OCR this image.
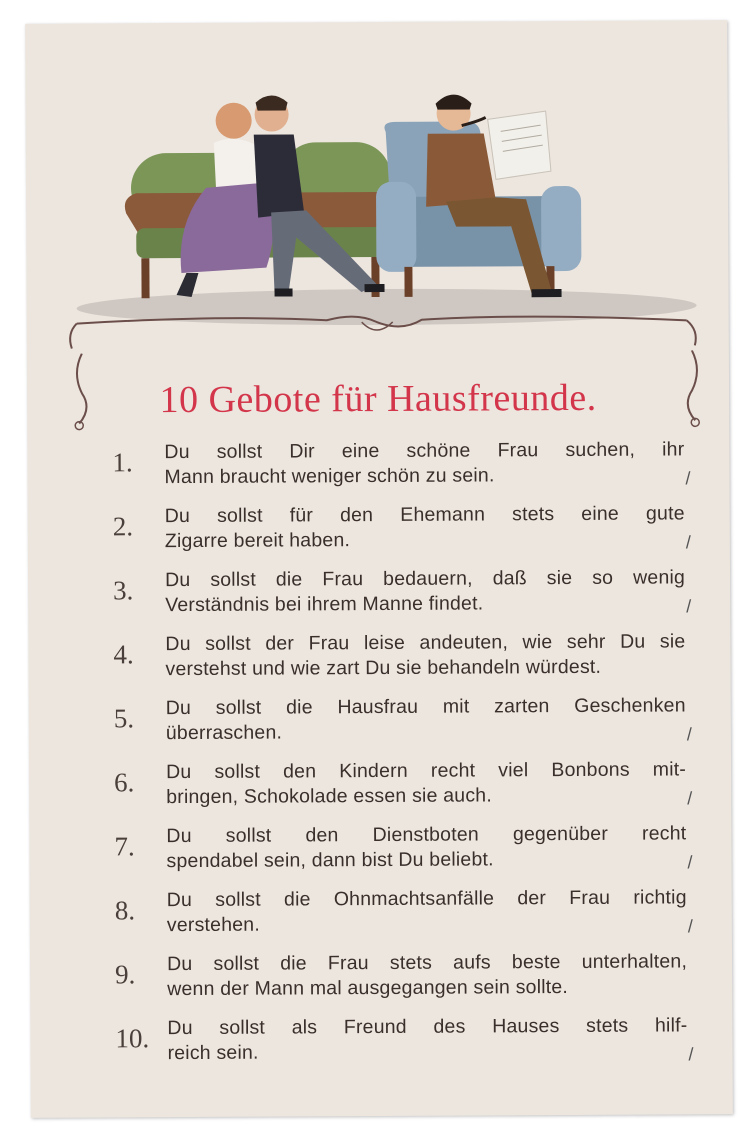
10 Gebote für Hausfreunde.
1 .	Du sollst Dir eine schöne Frau suchen, ihr
Mann braucht weniger schön zu sein.	/
2 .	Du sollst für den Ehemann stets eine gute
Zigarre bereit haben.	/
3 .	Du sollst die Frau bedauern, daß sie so wenig
Verständnis bei ihrem Manne findet.	/
4 .	Du sollst der Frau leise andeuten, wie sehr Du sie
verstehst und wie zart Du sie behandeln würdest.
5 .	Du sollst die Hausfrau mit zarten Geschenken
überraschen.	/
6 .	Du sollst den Kindern recht viel Bonbons mit-
bringen, Schokolade essen sie auch.	/
7 .	Du sollst den Dienstboten gegenüber recht
spendabel sein, dann bist Du beliebt.	/
8 .	Du sollst die Ohnmachtsanfälle der Frau richtig
verstehen.	/
9 .	Du sollst die Frau stets aufs beste unterhalten,
wenn der Mann mal ausgegangen sein sollte.
10 .	Du sollst als Freund des Hauses stets hilf-
reich sein.	/
